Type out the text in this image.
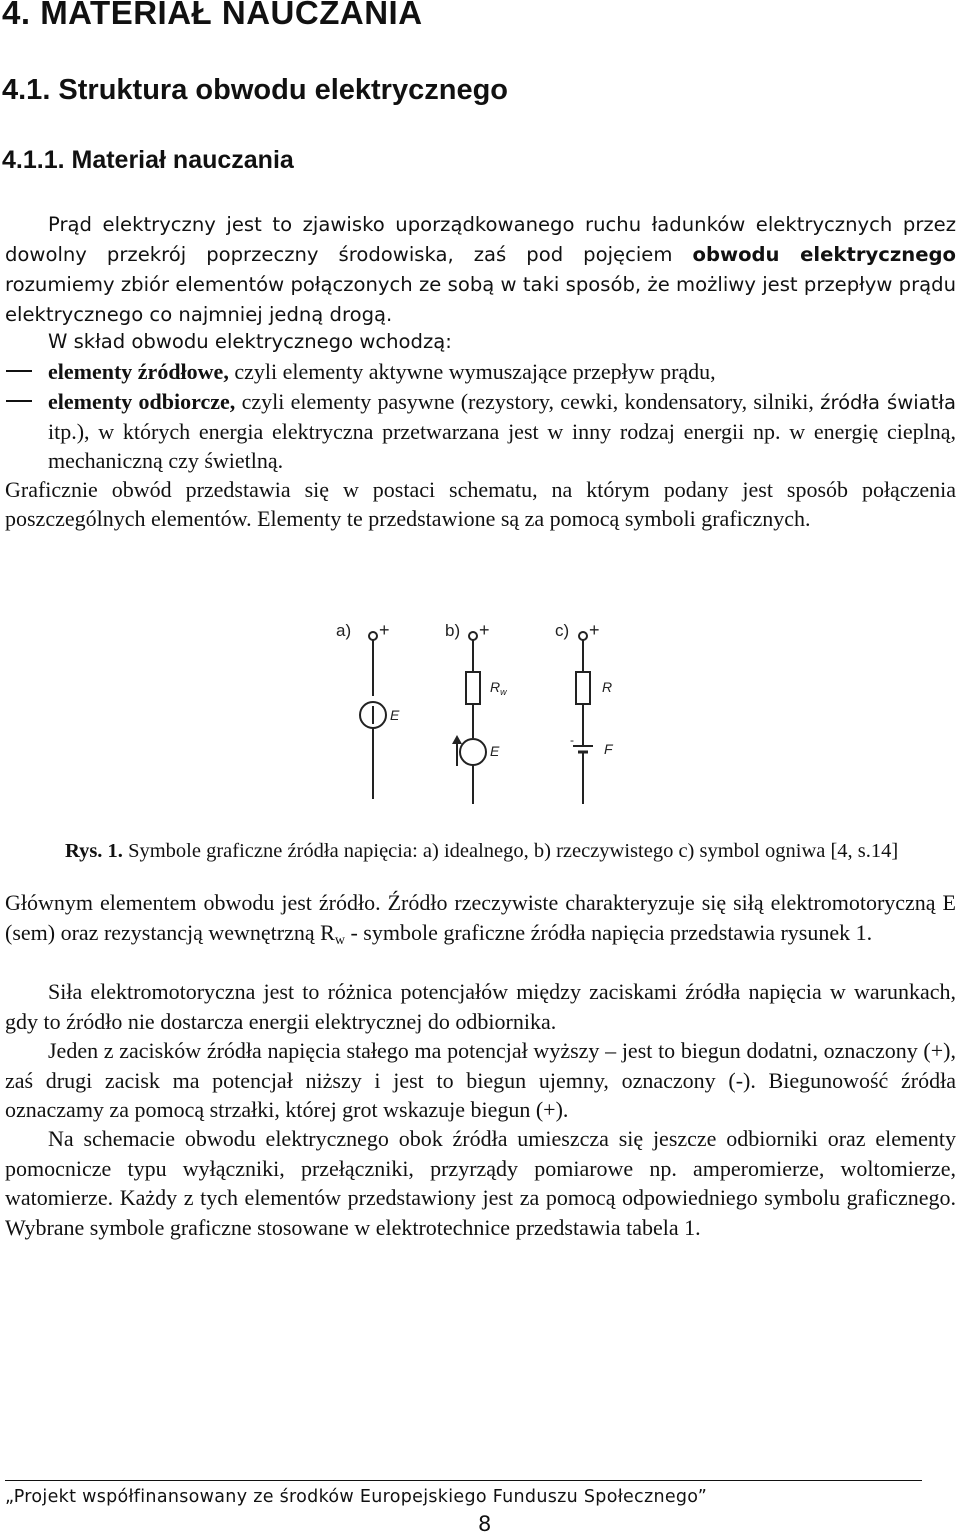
4. MATERIAŁ NAUCZANIA
4.1. Struktura obwodu elektrycznego
4.1.1. Materiał nauczania

Prąd elektryczny jest to zjawisko uporządkowanego ruchu ładunków elektrycznych przez dowolny przekrój poprzeczny środowiska, zaś pod pojęciem obwodu elektrycznego rozumiemy zbiór elementów połączonych ze sobą w taki sposób, że możliwy jest przepływ prądu elektrycznego co najmniej jedną drogą.

W skład obwodu elektrycznego wchodzą:

elementy źródłowe, czyli elementy aktywne wymuszające przepływ prądu,

elementy odbiorcze, czyli elementy pasywne (rezystory, cewki, kondensatory, silniki, źródła światła itp.), w których energia elektryczna przetwarzana jest w inny rodzaj energii np. w energię cieplną, mechaniczną czy świetlną.

Graficznie obwód przedstawia się w postaci schematu, na którym podany jest sposób połączenia poszczególnych elementów. Elementy te przedstawione są za pomocą symboli graficznych.

a)	b)	c)
+
E
+
$R_w$
E
+
R
-
F

Rys. 1. Symbole graficzne źródła napięcia: a) idealnego, b) rzeczywistego c) symbol ogniwa [4, s.14]

Głównym elementem obwodu jest źródło. Źródło rzeczywiste charakteryzuje się siłą elektromotoryczną E (sem) oraz rezystancją wewnętrzną $R_w$ - symbole graficzne źródła napięcia przedstawia rysunek 1.

Siła elektromotoryczna jest to różnica potencjałów między zaciskami źródła napięcia w warunkach, gdy to źródło nie dostarcza energii elektrycznej do odbiornika.

Jeden z zacisków źródła napięcia stałego ma potencjał wyższy – jest to biegun dodatni, oznaczony (+), zaś drugi zacisk ma potencjał niższy i jest to biegun ujemny, oznaczony (-). Biegunowość źródła oznaczamy za pomocą strzałki, której grot wskazuje biegun (+).

Na schemacie obwodu elektrycznego obok źródła umieszcza się jeszcze odbiorniki oraz elementy pomocnicze typu wyłączniki, przełączniki, przyrządy pomiarowe np. amperomierze, woltomierze, watomierze. Każdy z tych elementów przedstawiony jest za pomocą odpowiedniego symbolu graficznego. Wybrane symbole graficzne stosowane w elektrotechnice przedstawia tabela 1.

„Projekt współfinansowany ze środków Europejskiego Funduszu Społecznego”

8
